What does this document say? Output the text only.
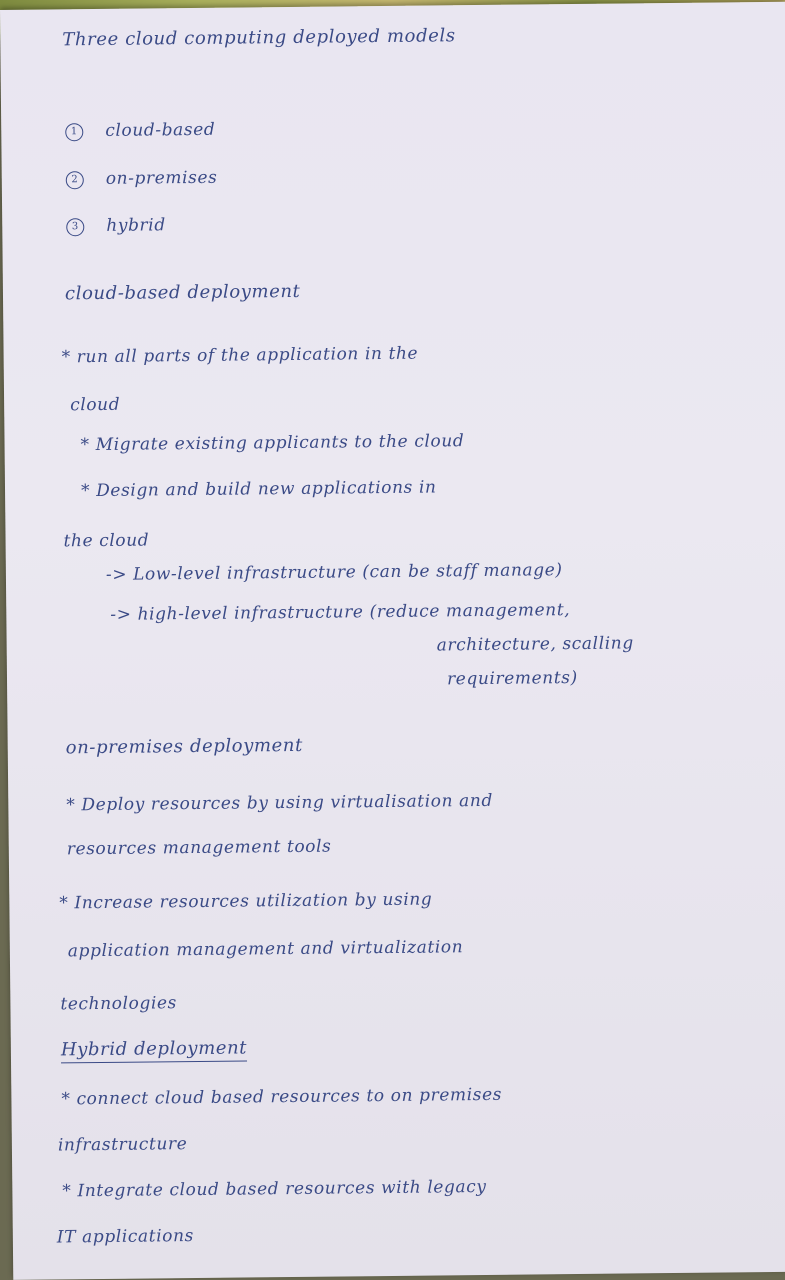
Three cloud computing deployed models
1 cloud-based
2 on-premises
3 hybrid
cloud-based deployment
* run all parts of the application in the
cloud
* Migrate existing applicants to the cloud
* Design and build new applications in
the cloud
-> Low-level infrastructure (can be staff manage)
-> high-level infrastructure (reduce management,
architecture, scalling
requirements)
on-premises deployment
* Deploy resources by using virtualisation and
resources management tools
* Increase resources utilization by using
application management and virtualization
technologies
Hybrid deployment
* connect cloud based resources to on premises
infrastructure
* Integrate cloud based resources with legacy
IT applications
